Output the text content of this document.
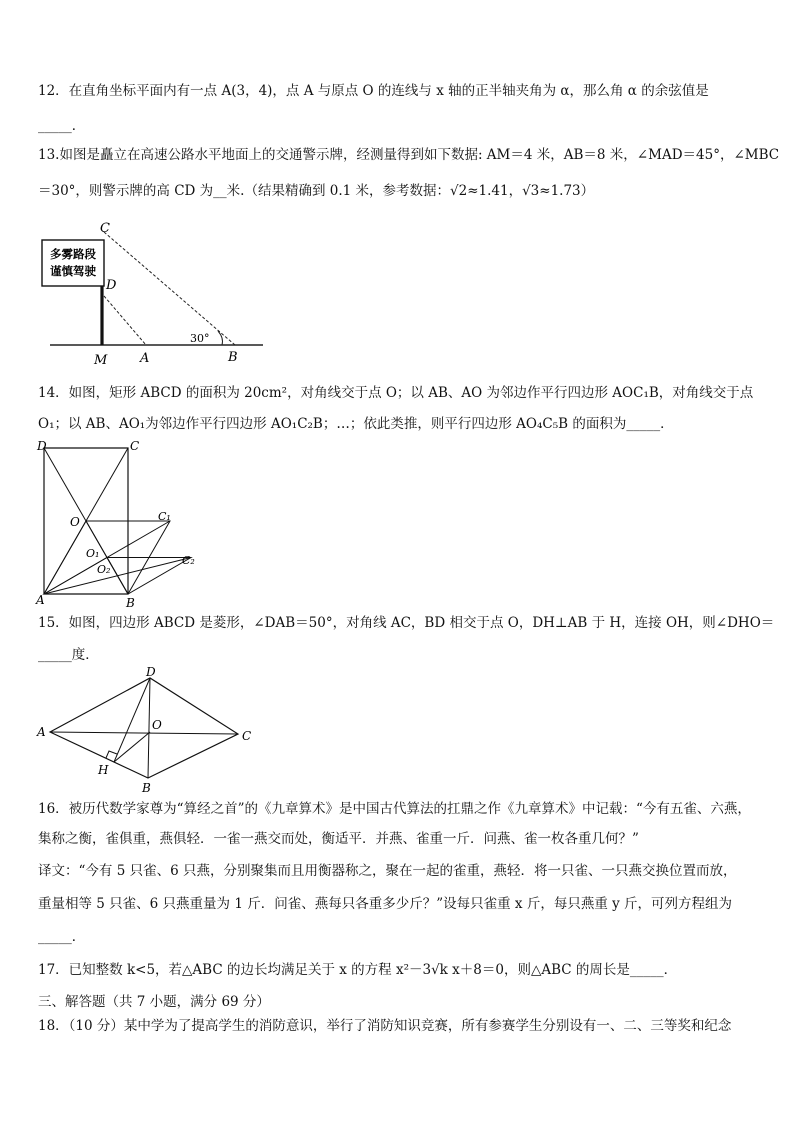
12．在直角坐标平面内有一点 A(3，4)，点 A 与原点 O 的连线与 x 轴的正半轴夹角为 α，那么角 α 的余弦值是
_____．
13.如图是矗立在高速公路水平地面上的交通警示牌，经测量得到如下数据: AM＝4 米，AB＝8 米，∠MAD＝45°，∠MBC
＝30°，则警示牌的高 CD 为__米.（结果精确到 0.1 米，参考数据：√2≈1.41，√3≈1.73）
多雾路段
谨慎驾驶
C
D
M	A	B
30°
14．如图，矩形 ABCD 的面积为 20cm²，对角线交于点 O；以 AB、AO 为邻边作平行四边形 AOC₁B，对角线交于点
O₁；以 AB、AO₁为邻边作平行四边形 AO₁C₂B；…；依此类推，则平行四边形 AO₄C₅B 的面积为_____．
D	C
O	C₁
O₁
O₂
C₂
A	B
15．如图，四边形 ABCD 是菱形，∠DAB＝50°，对角线 AC，BD 相交于点 O，DH⊥AB 于 H，连接 OH，则∠DHO＝
_____度．
D
A	O
C
H
B
16．被历代数学家尊为“算经之首”的《九章算术》是中国古代算法的扛鼎之作《九章算术》中记载：“今有五雀、六燕，
集称之衡，雀俱重，燕俱轻．一雀一燕交而处，衡适平．并燕、雀重一斤．问燕、雀一枚各重几何？”
译文：“今有 5 只雀、6 只燕，分别聚集而且用衡器称之，聚在一起的雀重，燕轻．将一只雀、一只燕交换位置而放，
重量相等 5 只雀、6 只燕重量为 1 斤．问雀、燕每只各重多少斤？”设每只雀重 x 斤，每只燕重 y 斤，可列方程组为
_____．
17．已知整数 k<5，若△ABC 的边长均满足关于 x 的方程 x²－3√k x＋8＝0，则△ABC 的周长是_____．
三、解答题（共 7 小题，满分 69 分）
18．（10 分）某中学为了提高学生的消防意识，举行了消防知识竞赛，所有参赛学生分别设有一、二、三等奖和纪念
